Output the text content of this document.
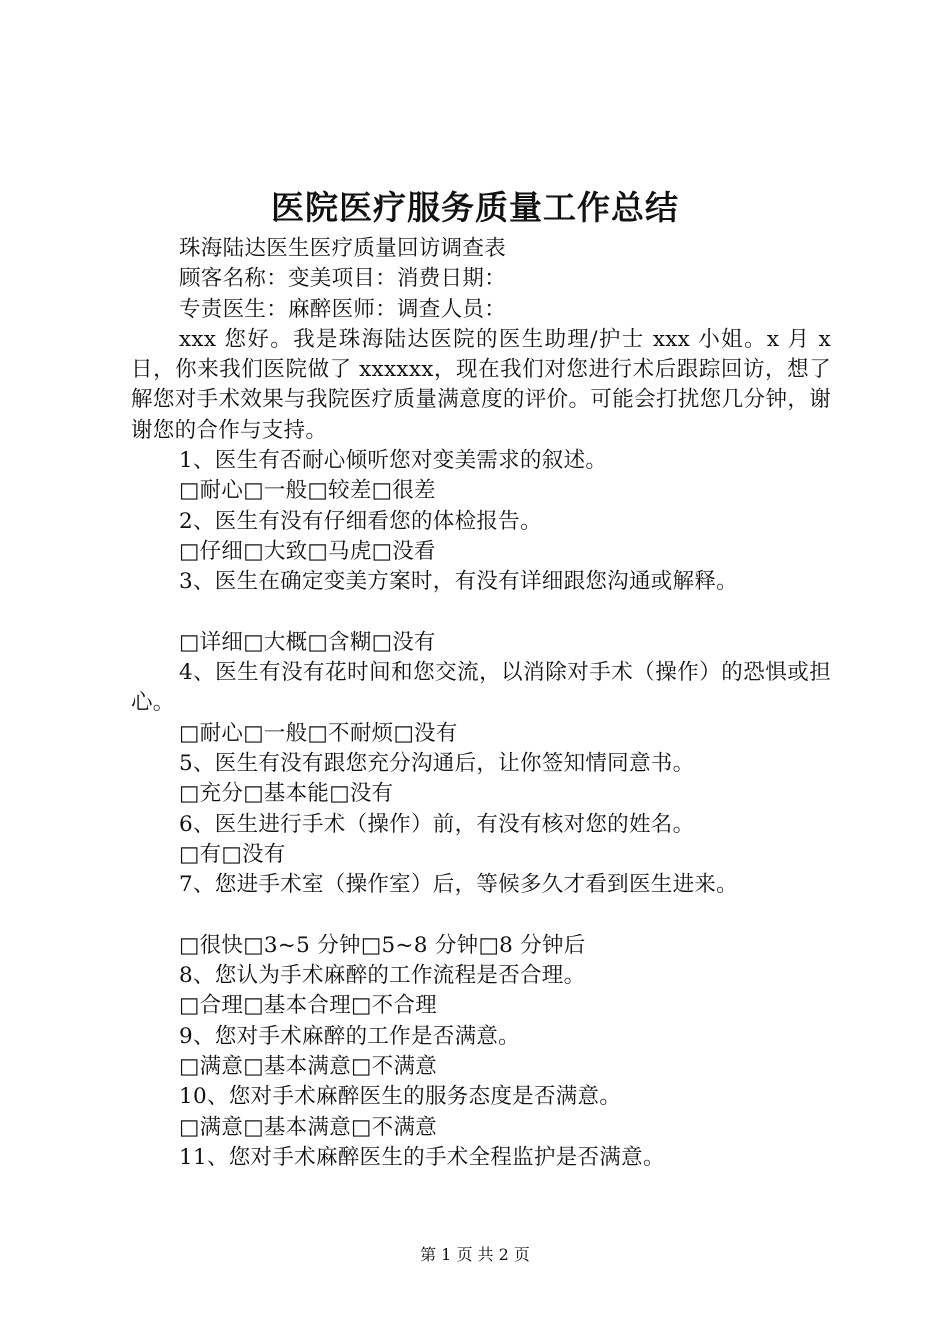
医院医疗服务质量工作总结
珠海陆达医生医疗质量回访调查表
顾客名称：变美项目：消费日期：
专责医生：麻醉医师：调查人员：
xxx 您好。我是珠海陆达医院的医生助理/护士 xxx 小姐。x 月 x 日，你来我们医院做了 xxxxxx，现在我们对您进行术后跟踪回访，想了解您对手术效果与我院医疗质量满意度的评价。可能会打扰您几分钟，谢谢您的合作与支持。
1、医生有否耐心倾听您对变美需求的叙述。
□耐心□一般□较差□很差
2、医生有没有仔细看您的体检报告。
□仔细□大致□马虎□没看
3、医生在确定变美方案时，有没有详细跟您沟通或解释。
□详细□大概□含糊□没有
4、医生有没有花时间和您交流，以消除对手术（操作）的恐惧或担心。
□耐心□一般□不耐烦□没有
5、医生有没有跟您充分沟通后，让你签知情同意书。
□充分□基本能□没有
6、医生进行手术（操作）前，有没有核对您的姓名。
□有□没有
7、您进手术室（操作室）后，等候多久才看到医生进来。
□很快□3~5 分钟□5~8 分钟□8 分钟后
8、您认为手术麻醉的工作流程是否合理。
□合理□基本合理□不合理
9、您对手术麻醉的工作是否满意。
□满意□基本满意□不满意
10、您对手术麻醉医生的服务态度是否满意。
□满意□基本满意□不满意
11、您对手术麻醉医生的手术全程监护是否满意。
第 1 页 共 2 页
